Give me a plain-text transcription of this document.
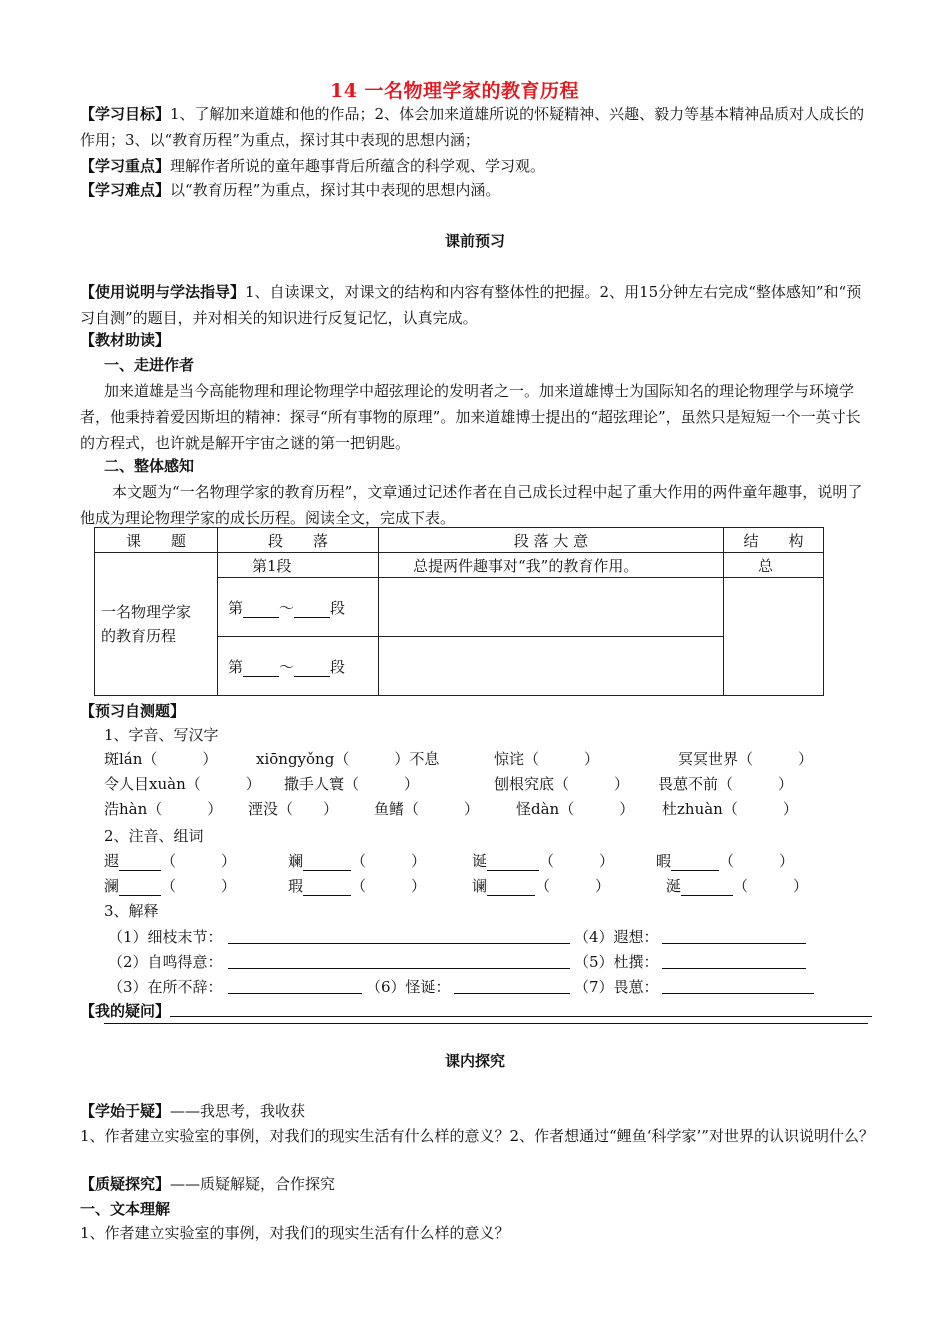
14 一名物理学家的教育历程
【学习目标】1、了解加来道雄和他的作品；2、体会加来道雄所说的怀疑精神、兴趣、毅力等基本精神品质对人成长的作用；3、以“教育历程”为重点，探讨其中表现的思想内涵；
【学习重点】理解作者所说的童年趣事背后所蕴含的科学观、学习观。
【学习难点】以“教育历程”为重点，探讨其中表现的思想内涵。
课前预习
【使用说明与学法指导】1、自读课文，对课文的结构和内容有整体性的把握。2、用15分钟左右完成“整体感知”和“预习自测”的题目，并对相关的知识进行反复记忆，认真完成。
【教材助读】
一、走进作者
加来道雄是当今高能物理和理论物理学中超弦理论的发明者之一。加来道雄博士为国际知名的理论物理学与环境学者，他秉持着爱因斯坦的精神：探寻“所有事物的原理”。加来道雄博士提出的“超弦理论”，虽然只是短短一个一英寸长的方程式，也许就是解开宇宙之谜的第一把钥匙。
二、整体感知
本文题为“一名物理学家的教育历程”，文章通过记述作者在自己成长过程中起了重大作用的两件童年趣事，说明了他成为理论物理学家的成长历程。阅读全文，完成下表。
课　　题	段　　落	段 落 大 意	结　　构

一名物理学家
的教育历程	第1段	总提两件趣事对“我”的教育作用。	总
	第 ～ 段		
	第 ～ 段		
【预习自测题】
1、字音、写汉字
斑lán（　　　）	xiōngyǒng（　　　）不息	惊诧（　　　）	冥冥世界（　　　）
令人目xuàn（　　　） 撒手人寰（　　　）	刨根究底（　　　） 畏葸不前（　　　）
浩hàn（　　　） 湮没（　　） 鱼鳍（　　　） 怪dàn（　　　） 杜zhuàn（　　　）
2、注音、组词
遐	（　　　）	斓	（　　　）	诞	（　　　）	暇	（　　　）
澜	（　　　）	瑕	（　　　）	谰	（　　　）	涎	（　　　）
3、解释
（1）细枝末节：	（4）遐想：
（2）自鸣得意：	（5）杜撰：
（3）在所不辞：	（6）怪诞：	（7）畏葸：
【我的疑问】
课内探究
【学始于疑】——我思考，我收获
1、作者建立实验室的事例，对我们的现实生活有什么样的意义？2、作者想通过“鲤鱼‘科学家’”对世界的认识说明什么？
【质疑探究】——质疑解疑，合作探究
一、文本理解
1、作者建立实验室的事例，对我们的现实生活有什么样的意义？
